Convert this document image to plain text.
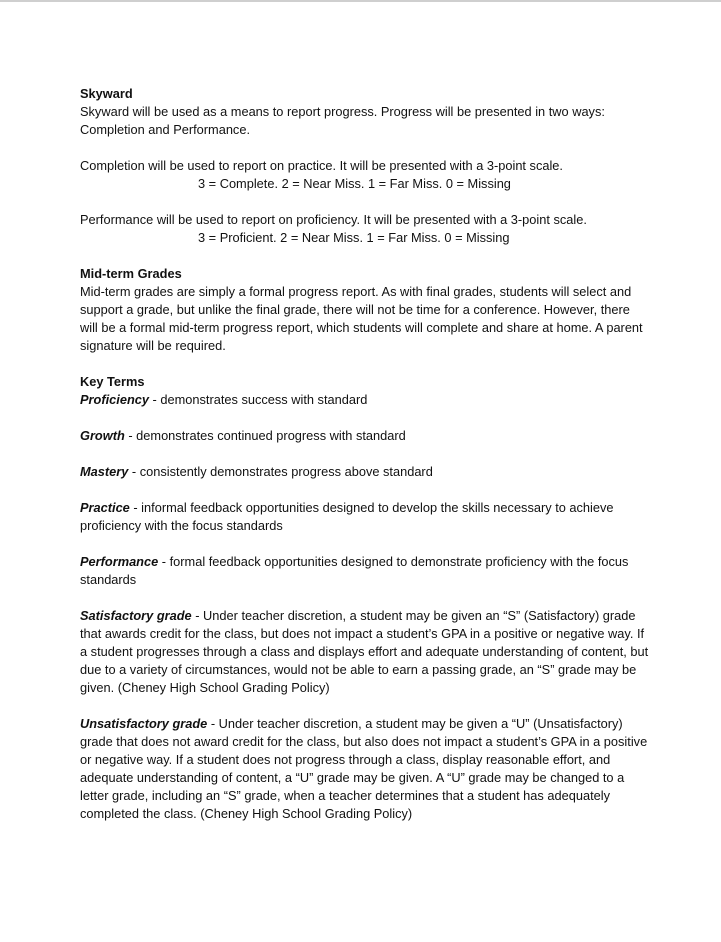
Skyward

Skyward will be used as a means to report progress. Progress will be presented in two ways: Completion and Performance.

Completion will be used to report on practice. It will be presented with a 3-point scale.

3 = Complete. 2 = Near Miss. 1 = Far Miss. 0 = Missing

Performance will be used to report on proficiency. It will be presented with a 3-point scale.

3 = Proficient. 2 = Near Miss. 1 = Far Miss. 0 = Missing

Mid-term Grades

Mid-term grades are simply a formal progress report. As with final grades, students will select and support a grade, but unlike the final grade, there will not be time for a conference. However, there will be a formal mid-term progress report, which students will complete and share at home. A parent signature will be required.

Key Terms

Proficiency - demonstrates success with standard

Growth - demonstrates continued progress with standard

Mastery - consistently demonstrates progress above standard

Practice - informal feedback opportunities designed to develop the skills necessary to achieve proficiency with the focus standards

Performance - formal feedback opportunities designed to demonstrate proficiency with the focus standards

Satisfactory grade - Under teacher discretion, a student may be given an “S” (Satisfactory) grade that awards credit for the class, but does not impact a student’s GPA in a positive or negative way. If a student progresses through a class and displays effort and adequate understanding of content, but due to a variety of circumstances, would not be able to earn a passing grade, an “S” grade may be given. (Cheney High School Grading Policy)

Unsatisfactory grade - Under teacher discretion, a student may be given a “U” (Unsatisfactory) grade that does not award credit for the class, but also does not impact a student’s GPA in a positive or negative way. If a student does not progress through a class, display reasonable effort, and adequate understanding of content, a “U” grade may be given. A “U” grade may be changed to a letter grade, including an “S” grade, when a teacher determines that a student has adequately completed the class. (Cheney High School Grading Policy)
